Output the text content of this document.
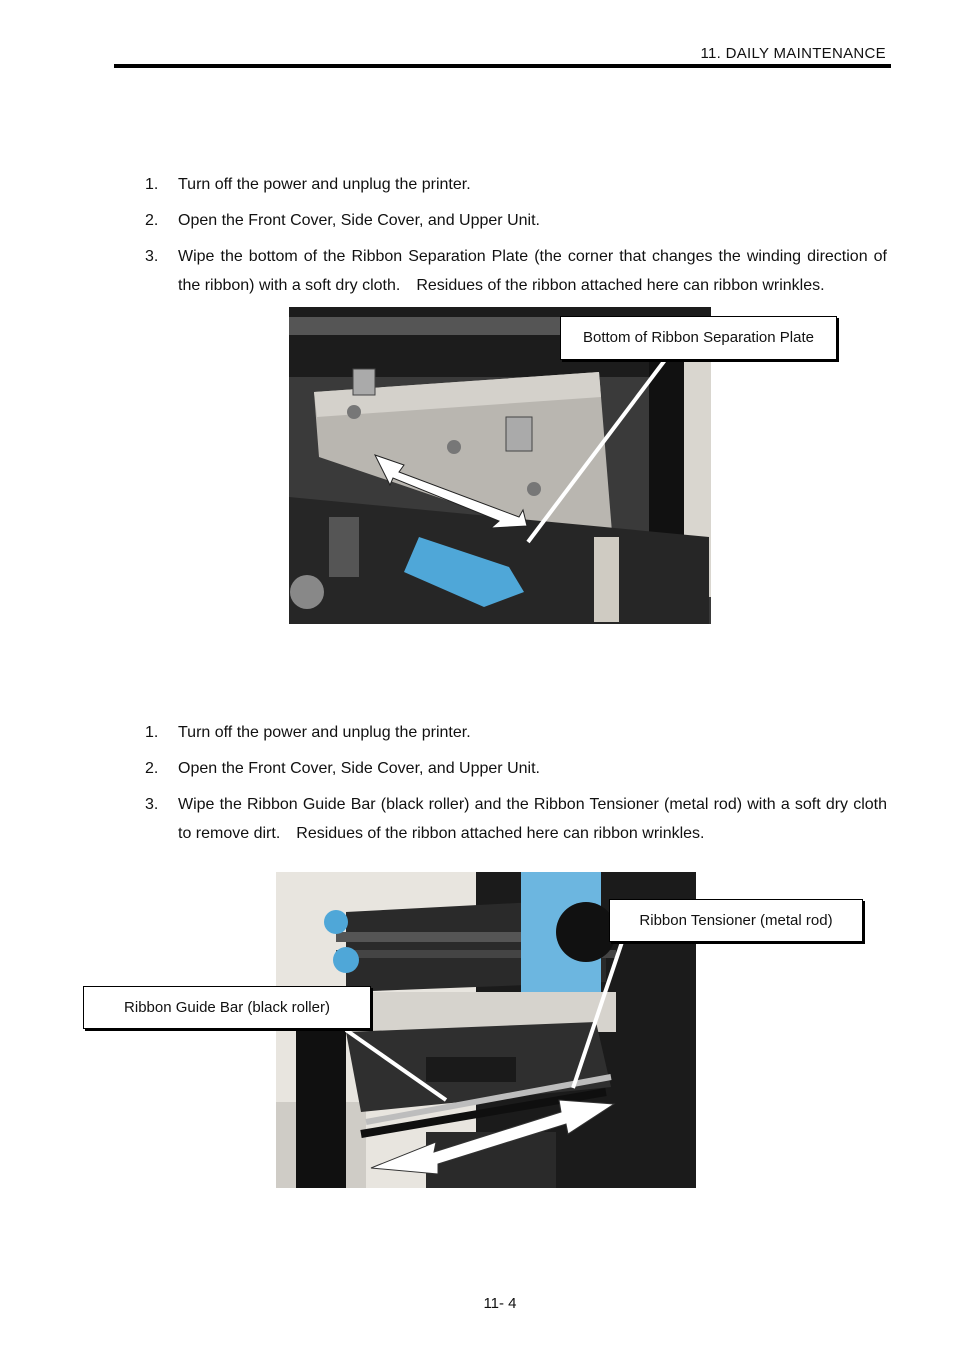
11. DAILY MAINTENANCE
1. Turn off the power and unplug the printer.
2. Open the Front Cover, Side Cover, and Upper Unit.
3. Wipe the bottom of the Ribbon Separation Plate (the corner that changes the winding direction of the ribbon) with a soft dry cloth.　Residues of the ribbon attached here can ribbon wrinkles.
Bottom of Ribbon Separation Plate
1. Turn off the power and unplug the printer.
2. Open the Front Cover, Side Cover, and Upper Unit.
3. Wipe the Ribbon Guide Bar (black roller) and the Ribbon Tensioner (metal rod) with a soft dry cloth to remove dirt.　Residues of the ribbon attached here can ribbon wrinkles.
Ribbon Tensioner (metal rod)
Ribbon Guide Bar (black roller)
11- 4
